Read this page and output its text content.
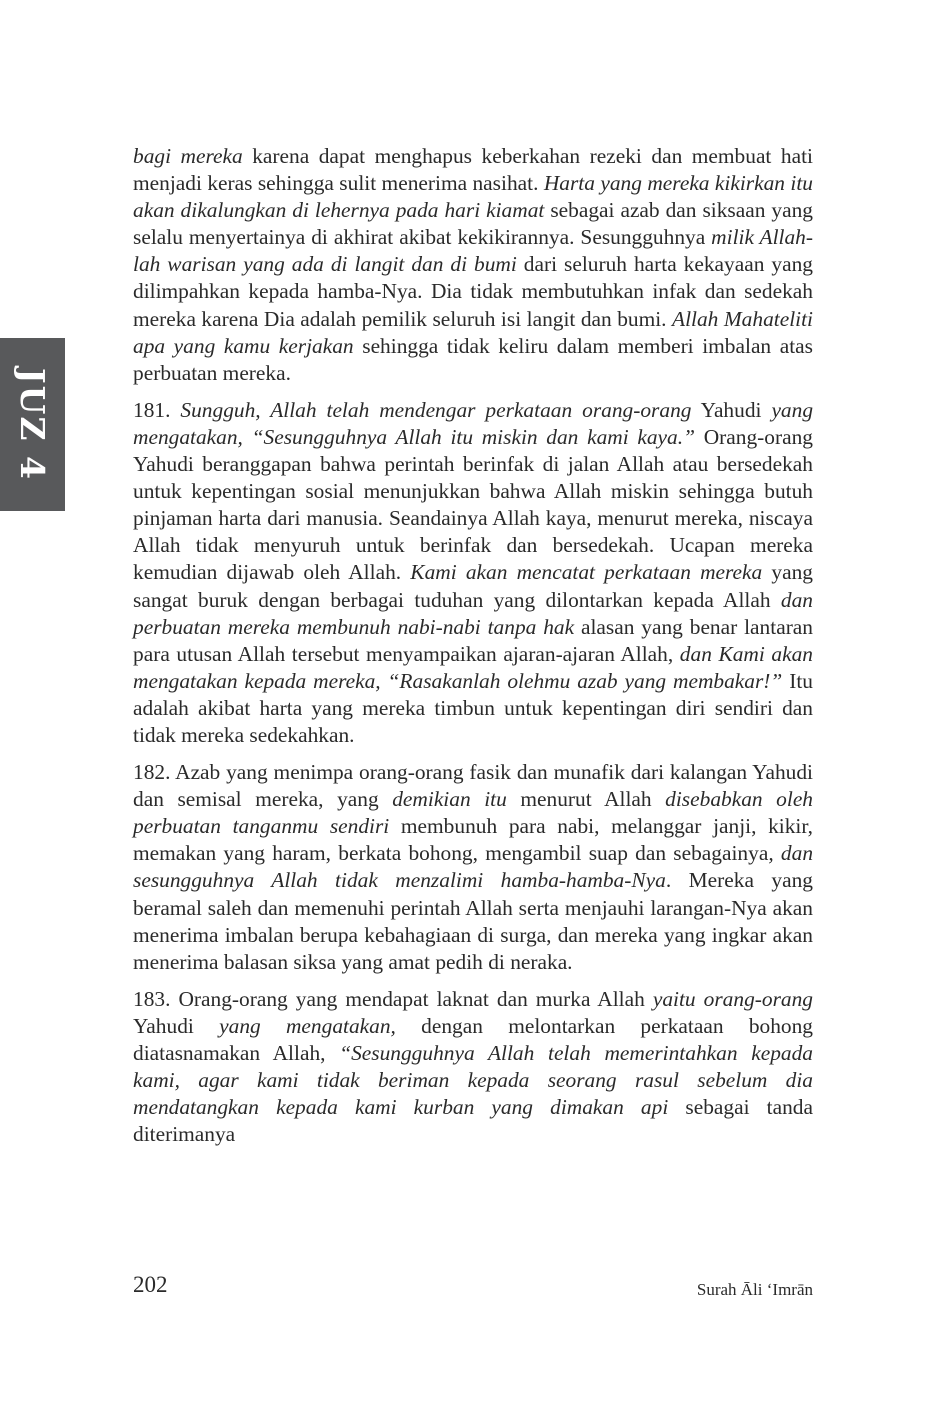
JUZ 4

bagi mereka karena dapat menghapus keberkahan rezeki dan membuat hati menjadi keras sehingga sulit menerima nasihat. Harta yang mereka kikirkan itu akan dikalungkan di lehernya pada hari kiamat sebagai azab dan siksaan yang selalu menyertainya di akhirat akibat kekikirannya. Sesungguhnya milik Allah-lah warisan yang ada di langit dan di bumi dari seluruh harta kekayaan yang dilimpahkan kepada hamba-Nya. Dia tidak membutuhkan infak dan sedekah mereka karena Dia adalah pemilik seluruh isi langit dan bumi. Allah Mahateliti apa yang kamu kerjakan sehingga tidak keliru dalam memberi imbalan atas perbuatan mereka.

181. Sungguh, Allah telah mendengar perkataan orang-orang Yahudi yang mengatakan, “Sesungguhnya Allah itu miskin dan kami kaya.” Orang-orang Yahudi beranggapan bahwa perintah berinfak di jalan Allah atau bersedekah untuk kepentingan sosial menunjukkan bahwa Allah miskin sehingga butuh pinjaman harta dari manusia. Seandainya Allah kaya, menurut mereka, niscaya Allah tidak menyuruh untuk berinfak dan bersedekah. Ucapan mereka kemudian dijawab oleh Allah. Kami akan mencatat perkataan mereka yang sangat buruk dengan berbagai tuduhan yang dilontarkan kepada Allah dan perbuatan mereka membunuh nabi-nabi tanpa hak alasan yang benar lantaran para utusan Allah tersebut menyampaikan ajaran-ajaran Allah, dan Kami akan mengatakan kepada mereka, “Rasakanlah olehmu azab yang membakar!” Itu adalah akibat harta yang mereka timbun untuk kepentingan diri sendiri dan tidak mereka sedekahkan.

182. Azab yang menimpa orang-orang fasik dan munafik dari kalangan Yahudi dan semisal mereka, yang demikian itu menurut Allah disebabkan oleh perbuatan tanganmu sendiri membunuh para nabi, melanggar janji, kikir, memakan yang haram, berkata bohong, mengambil suap dan sebagainya, dan sesungguhnya Allah tidak menzalimi hamba-hamba-Nya. Mereka yang beramal saleh dan memenuhi perintah Allah serta menjauhi larangan-Nya akan menerima imbalan berupa kebahagiaan di surga, dan mereka yang ingkar akan menerima balasan siksa yang amat pedih di neraka.

183. Orang-orang yang mendapat laknat dan murka Allah yaitu orang-orang Yahudi yang mengatakan, dengan melontarkan perkataan bohong diatasnamakan Allah, “Sesungguhnya Allah telah memerintahkan kepada kami, agar kami tidak beriman kepada seorang rasul sebelum dia mendatangkan kepada kami kurban yang dimakan api sebagai tanda diterimanya

202	Surah Āli ‘Imrān
